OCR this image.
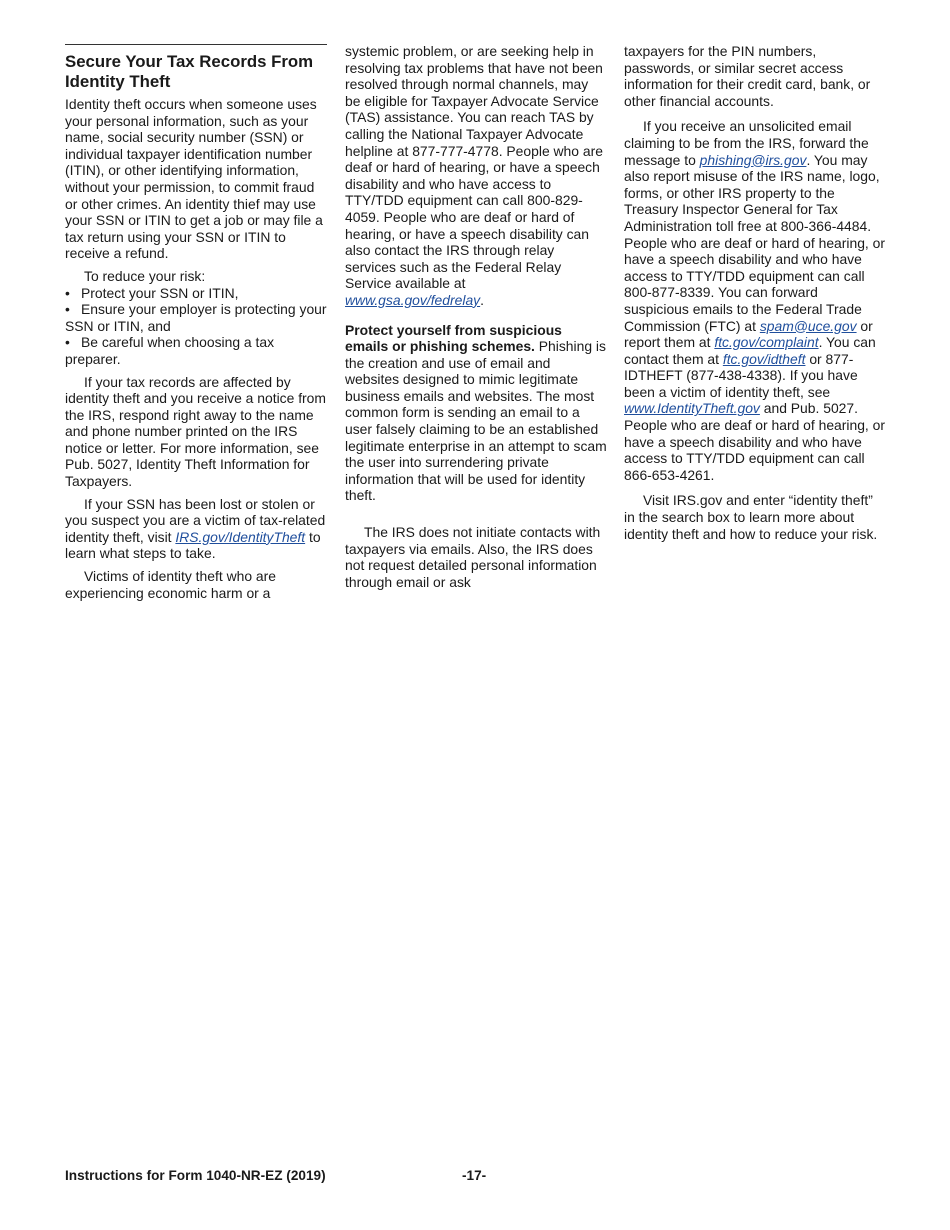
Secure Your Tax Records From Identity Theft

Identity theft occurs when someone uses your personal information, such as your name, social security number (SSN) or individual taxpayer identification number (ITIN), or other identifying information, without your permission, to commit fraud or other crimes. An identity thief may use your SSN or ITIN to get a job or may file a tax return using your SSN or ITIN to receive a refund.

To reduce your risk:

• Protect your SSN or ITIN,
• Ensure your employer is protecting your SSN or ITIN, and
• Be careful when choosing a tax preparer.

If your tax records are affected by identity theft and you receive a notice from the IRS, respond right away to the name and phone number printed on the IRS notice or letter. For more information, see Pub. 5027, Identity Theft Information for Taxpayers.

If your SSN has been lost or stolen or you suspect you are a victim of tax-related identity theft, visit IRS.gov/IdentityTheft to learn what steps to take.

Victims of identity theft who are experiencing economic harm or a

systemic problem, or are seeking help in resolving tax problems that have not been resolved through normal channels, may be eligible for Taxpayer Advocate Service (TAS) assistance. You can reach TAS by calling the National Taxpayer Advocate helpline at 877-777-4778. People who are deaf or hard of hearing, or have a speech disability and who have access to TTY/TDD equipment can call 800-829-4059. People who are deaf or hard of hearing, or have a speech disability can also contact the IRS through relay services such as the Federal Relay Service available at www.gsa.gov/fedrelay.

Protect yourself from suspicious emails or phishing schemes. Phishing is the creation and use of email and websites designed to mimic legitimate business emails and websites. The most common form is sending an email to a user falsely claiming to be an established legitimate enterprise in an attempt to scam the user into surrendering private information that will be used for identity theft.

The IRS does not initiate contacts with taxpayers via emails. Also, the IRS does not request detailed personal information through email or ask

taxpayers for the PIN numbers, passwords, or similar secret access information for their credit card, bank, or other financial accounts.

If you receive an unsolicited email claiming to be from the IRS, forward the message to phishing@irs.gov. You may also report misuse of the IRS name, logo, forms, or other IRS property to the Treasury Inspector General for Tax Administration toll free at 800-366-4484. People who are deaf or hard of hearing, or have a speech disability and who have access to TTY/TDD equipment can call 800-877-8339. You can forward suspicious emails to the Federal Trade Commission (FTC) at spam@uce.gov or report them at ftc.gov/complaint. You can contact them at ftc.gov/idtheft or 877-IDTHEFT (877-438-4338). If you have been a victim of identity theft, see www.IdentityTheft.gov and Pub. 5027. People who are deaf or hard of hearing, or have a speech disability and who have access to TTY/TDD equipment can call 866-653-4261.

Visit IRS.gov and enter “identity theft” in the search box to learn more about identity theft and how to reduce your risk.

Instructions for Form 1040-NR-EZ (2019)	-17-
